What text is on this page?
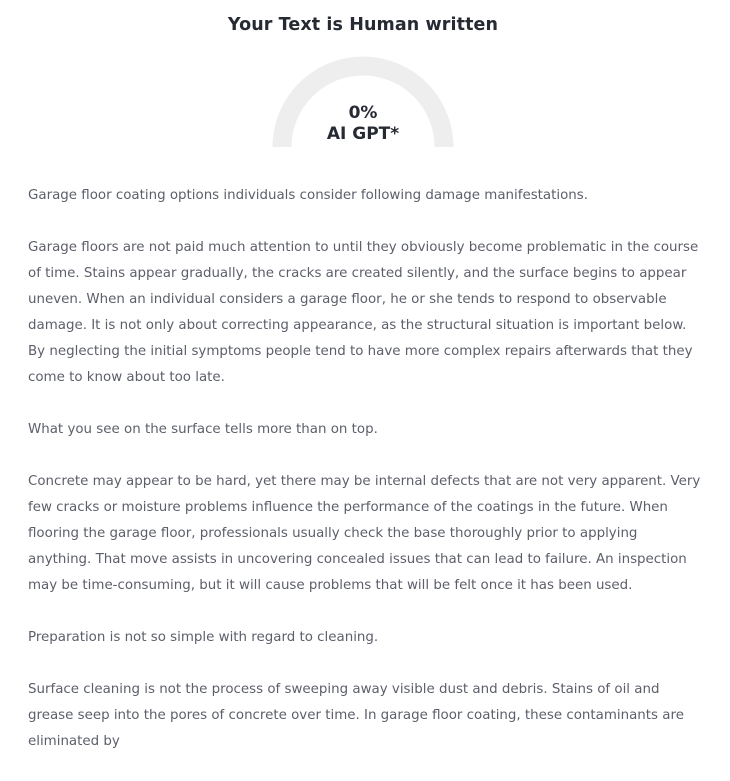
Your Text is Human written
0%
AI GPT*

Garage floor coating options individuals consider following damage manifestations.

Garage floors are not paid much attention to until they obviously become problematic in the course of time. Stains appear gradually, the cracks are created silently, and the surface begins to appear uneven. When an individual considers a garage floor, he or she tends to respond to observable damage. It is not only about correcting appearance, as the structural situation is important below. By neglecting the initial symptoms people tend to have more complex repairs afterwards that they come to know about too late.

What you see on the surface tells more than on top.

Concrete may appear to be hard, yet there may be internal defects that are not very apparent. Very few cracks or moisture problems influence the performance of the coatings in the future. When flooring the garage floor, professionals usually check the base thoroughly prior to applying anything. That move assists in uncovering concealed issues that can lead to failure. An inspection may be time-consuming, but it will cause problems that will be felt once it has been used.

Preparation is not so simple with regard to cleaning.

Surface cleaning is not the process of sweeping away visible dust and debris. Stains of oil and grease seep into the pores of concrete over time. In garage floor coating, these contaminants are eliminated by
